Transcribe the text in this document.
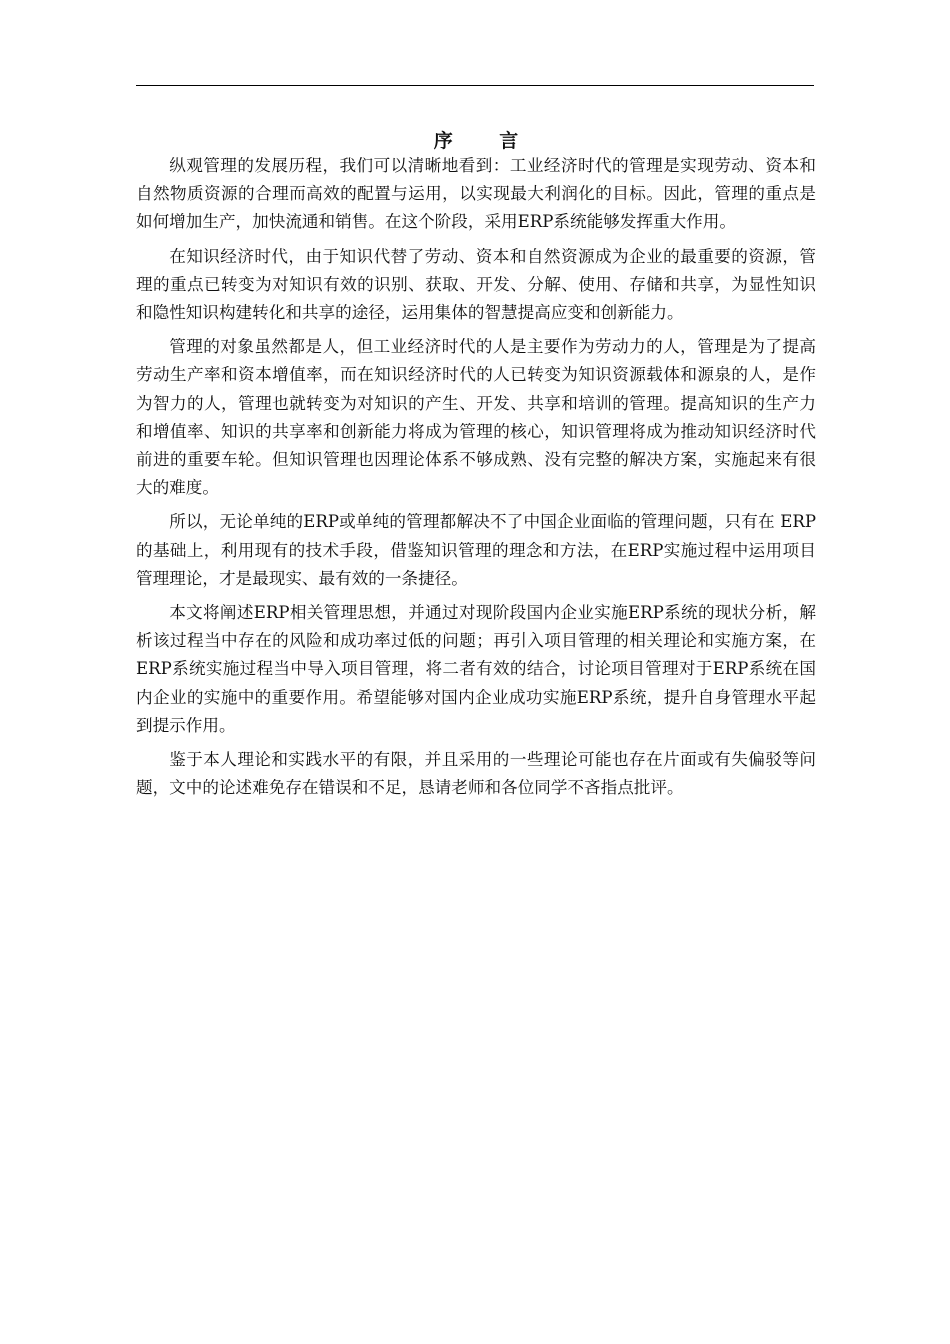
序 言

纵观管理的发展历程，我们可以清晰地看到：工业经济时代的管理是实现劳动、资本和自然物质资源的合理而高效的配置与运用，以实现最大利润化的目标。因此，管理的重点是如何增加生产，加快流通和销售。在这个阶段，采用ERP系统能够发挥重大作用。

在知识经济时代，由于知识代替了劳动、资本和自然资源成为企业的最重要的资源，管理的重点已转变为对知识有效的识别、获取、开发、分解、使用、存储和共享，为显性知识和隐性知识构建转化和共享的途径，运用集体的智慧提高应变和创新能力。

管理的对象虽然都是人，但工业经济时代的人是主要作为劳动力的人，管理是为了提高劳动生产率和资本增值率，而在知识经济时代的人已转变为知识资源载体和源泉的人，是作为智力的人，管理也就转变为对知识的产生、开发、共享和培训的管理。提高知识的生产力和增值率、知识的共享率和创新能力将成为管理的核心，知识管理将成为推动知识经济时代前进的重要车轮。但知识管理也因理论体系不够成熟、没有完整的解决方案，实施起来有很大的难度。

所以，无论单纯的ERP或单纯的管理都解决不了中国企业面临的管理问题，只有在 ERP的基础上，利用现有的技术手段，借鉴知识管理的理念和方法，在ERP实施过程中运用项目管理理论，才是最现实、最有效的一条捷径。

本文将阐述ERP相关管理思想，并通过对现阶段国内企业实施ERP系统的现状分析，解析该过程当中存在的风险和成功率过低的问题；再引入项目管理的相关理论和实施方案，在ERP系统实施过程当中导入项目管理，将二者有效的结合，讨论项目管理对于ERP系统在国内企业的实施中的重要作用。希望能够对国内企业成功实施ERP系统，提升自身管理水平起到提示作用。

鉴于本人理论和实践水平的有限，并且采用的一些理论可能也存在片面或有失偏驳等问题，文中的论述难免存在错误和不足，恳请老师和各位同学不吝指点批评。
